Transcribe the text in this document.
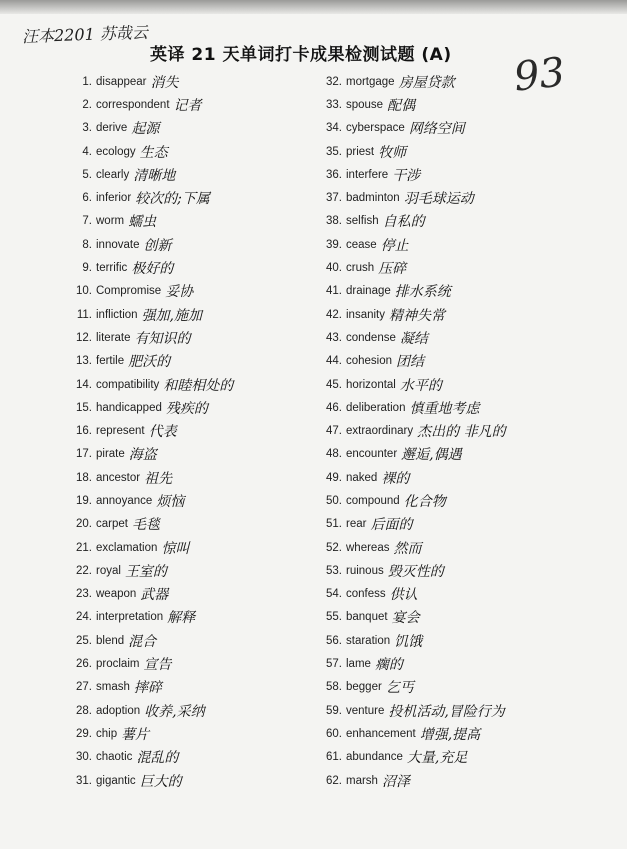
汪本2201 苏哉云
英译 21 天单词打卡成果检测试题 (A) 93
1. disappear 消失
2. correspondent 记者
3. derive 起源
4. ecology 生态
5. clearly 清晰地
6. inferior 较次的;下属
7. worm 蠕虫
8. innovate 创新
9. terrific 极好的
10. Compromise 妥协
11. infliction 强加,施加
12. literate 有知识的
13. fertile 肥沃的
14. compatibility 和睦相处的
15. handicapped 残疾的
16. represent 代表
17. pirate 海盗
18. ancestor 祖先
19. annoyance 烦恼
20. carpet 毛毯
21. exclamation 惊叫
22. royal 王室的
23. weapon 武器
24. interpretation 解释
25. blend 混合
26. proclaim 宣告
27. smash 摔碎
28. adoption 收养,采纳
29. chip 薯片
30. chaotic 混乱的
31. gigantic 巨大的
32. mortgage 房屋贷款
33. spouse 配偶
34. cyberspace 网络空间
35. priest 牧师
36. interfere 干涉
37. badminton 羽毛球运动
38. selfish 自私的
39. cease 停止
40. crush 压碎
41. drainage 排水系统
42. insanity 精神失常
43. condense 凝结
44. cohesion 团结
45. horizontal 水平的
46. deliberation 慎重地考虑
47. extraordinary 杰出的 非凡的
48. encounter 邂逅,偶遇
49. naked 裸的
50. compound 化合物
51. rear 后面的
52. whereas 然而
53. ruinous 毁灭性的
54. confess 供认
55. banquet 宴会
56. staration 饥饿
57. lame 瘸的
58. begger 乞丐
59. venture 投机活动,冒险行为
60. enhancement 增强,提高
61. abundance 大量,充足
62. marsh 沼泽
